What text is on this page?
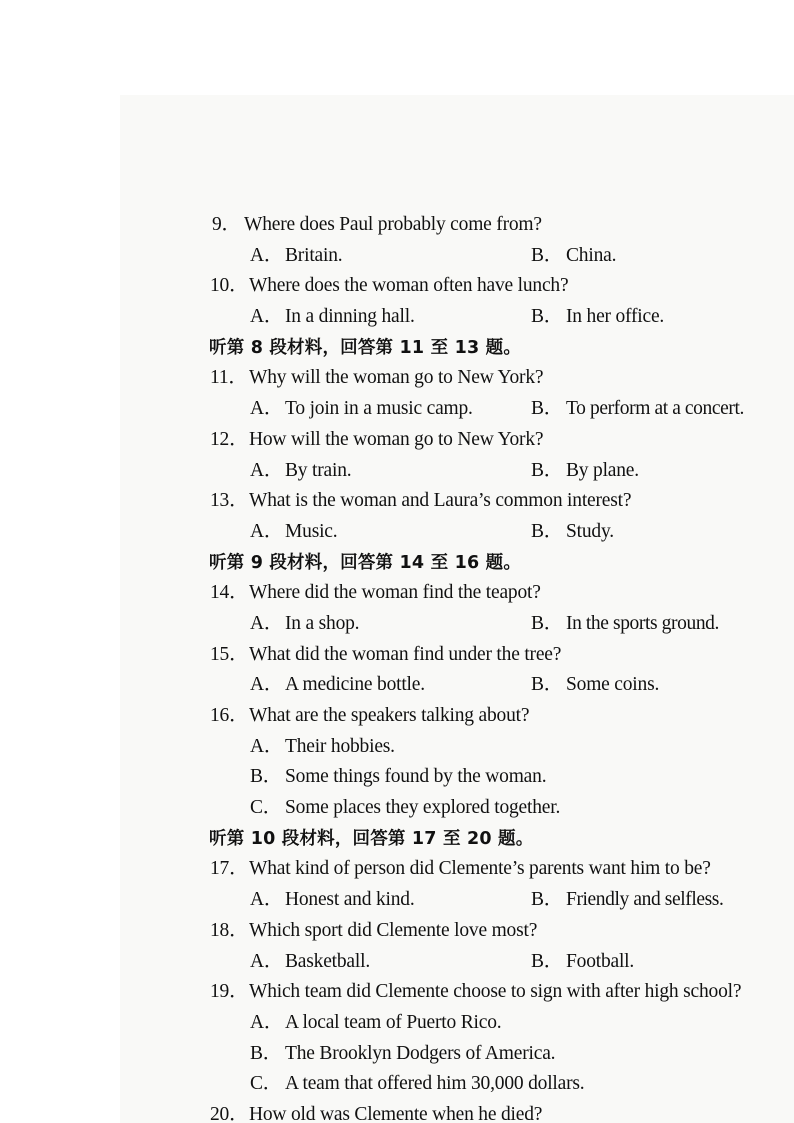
9． Where does Paul probably come from?
A． Britain.	B． China.
10． Where does the woman often have lunch?
A． In a dinning hall.	B． In her office.
听第 8 段材料，回答第 11 至 13 题。
11． Why will the woman go to New York?
A． To join in a music camp.	B． To perform at a concert.
12． How will the woman go to New York?
A． By train.	B． By plane.
13． What is the woman and Laura’s common interest?
A． Music.	B． Study.
听第 9 段材料，回答第 14 至 16 题。
14． Where did the woman find the teapot?
A． In a shop.	B． In the sports ground.
15． What did the woman find under the tree?
A． A medicine bottle.	B． Some coins.
16． What are the speakers talking about?
A． Their hobbies.
B． Some things found by the woman.
C． Some places they explored together.
听第 10 段材料，回答第 17 至 20 题。
17． What kind of person did Clemente’s parents want him to be?
A． Honest and kind.	B． Friendly and selfless.
18． Which sport did Clemente love most?
A． Basketball.	B． Football.
19． Which team did Clemente choose to sign with after high school?
A． A local team of Puerto Rico.
B． The Brooklyn Dodgers of America.
C． A team that offered him 30,000 dollars.
20． How old was Clemente when he died?
